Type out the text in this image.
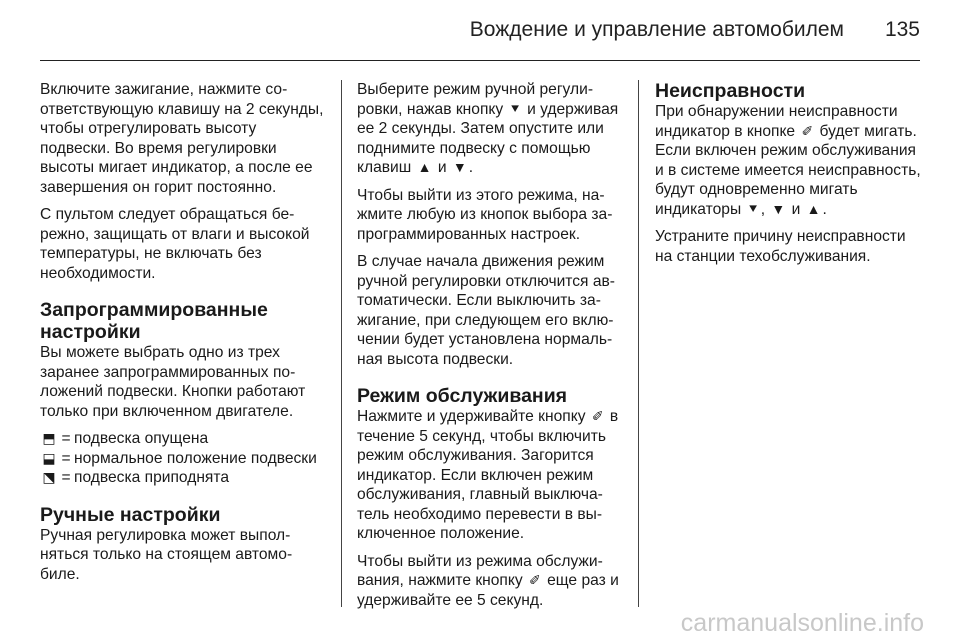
Вождение и управление автомобилем 135

Включите зажигание, нажмите соответствующую клавишу на 2 секунды, чтобы отрегулировать высоту подвески. Во время регулировки высоты мигает индикатор, а после ее завершения он горит постоянно.

С пультом следует обращаться бережно, защищать от влаги и высокой температуры, не включать без необходимости.

Запрограммированные настройки

Вы можете выбрать одно из трех заранее запрограммированных положений подвески. Кнопки работают только при включенном двигателе.

⬒ = подвеска опущена
⬓ = нормальное положение подвески
⬔ = подвеска приподнята
Ручные настройки

Ручная регулировка может выполняться только на стоящем автомобиле.

Выберите режим ручной регулировки, нажав кнопку ⯆ и удерживая ее 2 секунды. Затем опустите или поднимите подвеску с помощью клавиш ▲ и ▼ .

Чтобы выйти из этого режима, нажмите любую из кнопок выбора запрограммированных настроек.

В случае начала движения режим ручной регулировки отключится автоматически. Если выключить зажигание, при следующем его включении будет установлена нормальная высота подвески.

Режим обслуживания

Нажмите и удерживайте кнопку ✐ в течение 5 секунд, чтобы включить режим обслуживания. Загорится индикатор. Если включен режим обслуживания, главный выключатель необходимо перевести в выключенное положение.

Чтобы выйти из режима обслуживания, нажмите кнопку ✐ еще раз и удерживайте ее 5 секунд.

Неисправности

При обнаружении неисправности индикатор в кнопке ✐ будет мигать. Если включен режим обслуживания и в системе имеется неисправность, будут одновременно мигать индикаторы ⯆ , ▼ и ▲ .

Устраните причину неисправности на станции техобслуживания.

carmanualsonline.info
